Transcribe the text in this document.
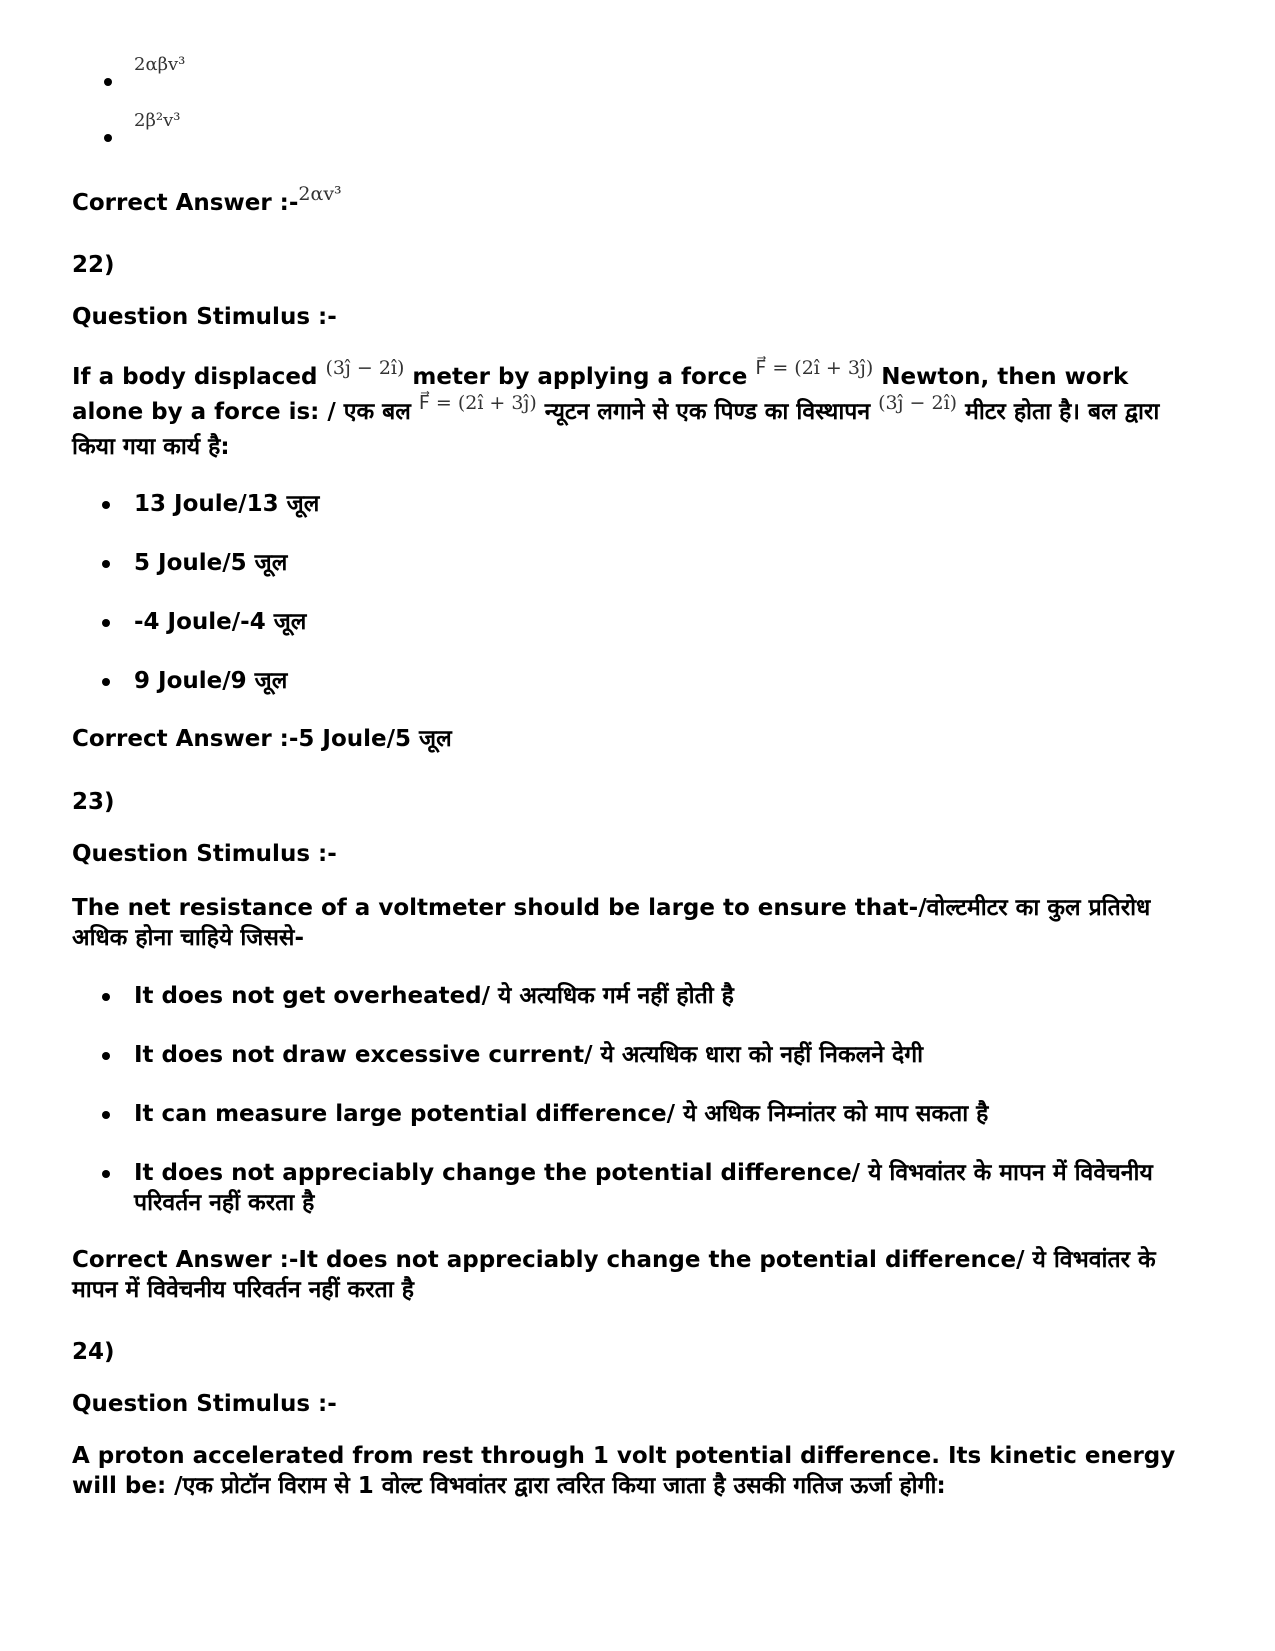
$^{2\alpha\beta v^3}$
$^{2\beta^2v^3}$
Correct Answer :-$^{2\alpha v^3}$
22)
Question Stimulus :-
If a body displaced $^{(3ĵ - 2î)}$ meter by applying a force $^{F⃗ = (2î + 3ĵ)}$ Newton, then work alone by a force is: / एक बल $^{F⃗ = (2î + 3ĵ)}$ न्यूटन लगाने से एक पिण्ड का विस्थापन $^{(3ĵ - 2î)}$ मीटर होता है। बल द्वारा किया गया कार्य है:
13 Joule/13 जूल
5 Joule/5 जूल
-4 Joule/-4 जूल
9 Joule/9 जूल
Correct Answer :-5 Joule/5 जूल
23)
Question Stimulus :-
The net resistance of a voltmeter should be large to ensure that-/वोल्टमीटर का कुल प्रतिरोध अधिक होना चाहिये जिससे-
It does not get overheated/ ये अत्यधिक गर्म नहीं होती है
It does not draw excessive current/ ये अत्यधिक धारा को नहीं निकलने देगी
It can measure large potential difference/ ये अधिक निम्नांतर को माप सकता है
It does not appreciably change the potential difference/ ये विभवांतर के मापन में विवेचनीय परिवर्तन नहीं करता है
Correct Answer :-It does not appreciably change the potential difference/ ये विभवांतर के मापन में विवेचनीय परिवर्तन नहीं करता है
24)
Question Stimulus :-
A proton accelerated from rest through 1 volt potential difference. Its kinetic energy will be: /एक प्रोटॉन विराम से 1 वोल्ट विभवांतर द्वारा त्वरित किया जाता है उसकी गतिज ऊर्जा होगी:
